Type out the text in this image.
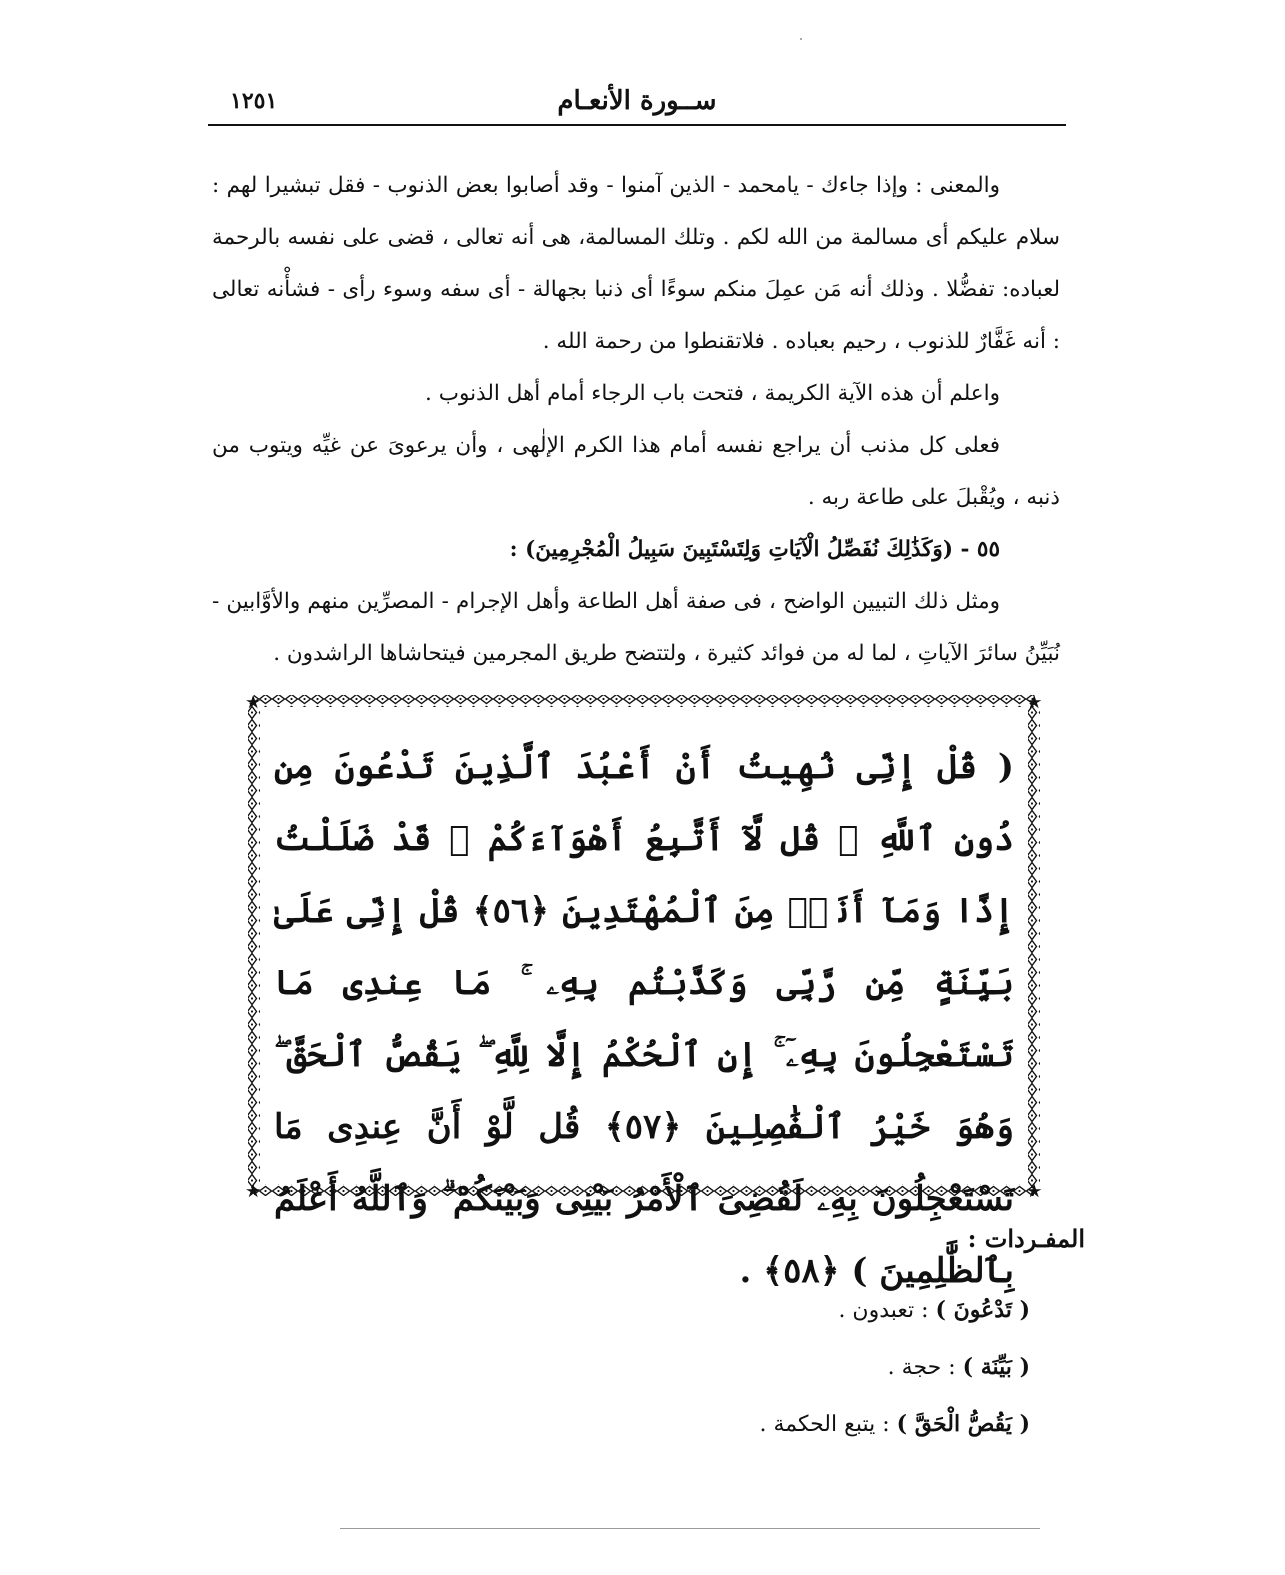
١٢٥١	ســورة الأنعـام

والمعنى : وإذا جاءك - يامحمد - الذين آمنوا - وقد أصابوا بعض الذنوب - فقل تبشيرا لهم : سلام عليكم أى مسالمة من الله لكم . وتلك المسالمة، هى أنه تعالى ، قضى على نفسه بالرحمة لعباده: تفضُّلا . وذلك أنه مَن عمِلَ منكم سوءًا أى ذنبا بجهالة - أى سفه وسوء رأى - فشأْنه تعالى : أنه غَفَّارٌ للذنوب ، رحيم بعباده . فلاتقنطوا من رحمة الله .

واعلم أن هذه الآية الكريمة ، فتحت باب الرجاء أمام أهل الذنوب .

فعلى كل مذنب أن يراجع نفسه أمام هذا الكرم الإلٰهى ، وأن يرعوىَ عن غيِّه ويتوب من ذنبه ، ويُقْبلَ على طاعة ربه .

٥٥ - (وَكَذَٰلِكَ نُفَصِّلُ الْآيَاتِ وَلِتَسْتَبِينَ سَبِيلُ الْمُجْرِمِينَ) :

ومثل ذلك التبيين الواضح ، فى صفة أهل الطاعة وأهل الإجرام - المصرِّين منهم والأوَّابين - نُبَيِّنُ سائرَ الآياتِ ، لما له من فوائد كثيرة ، ولتتضح طريق المجرمين فيتحاشاها الراشدون .

( قُلْ إِنِّى نُهِيتُ أَنْ أَعْبُدَ ٱلَّذِينَ تَدْعُونَ مِن دُونِ ٱللَّهِ ۚ قُل لَّآ أَتَّبِعُ أَهْوَآءَكُمْ ۙ قَدْ ضَلَلْتُ إِذًا وَمَآ أَنَا۠ مِنَ ٱلْمُهْتَدِينَ ﴿٥٦﴾ قُلْ إِنِّى عَلَىٰ بَيِّنَةٍ مِّن رَّبِّى وَكَذَّبْتُم بِهِۦ ۚ مَا عِندِى مَا تَسْتَعْجِلُونَ بِهِۦٓ ۚ إِنِ ٱلْحُكْمُ إِلَّا لِلَّهِ ۖ يَقُصُّ ٱلْحَقَّ ۖ وَهُوَ خَيْرُ ٱلْفَٰصِلِينَ ﴿٥٧﴾ قُل لَّوْ أَنَّ عِندِى مَا تَسْتَعْجِلُونَ بِهِۦ لَقُضِىَ ٱلْأَمْرُ بَيْنِى وَبَيْنَكُمْ ۗ وَٱللَّهُ أَعْلَمُ بِٱلظَّٰلِمِينَ ) ﴿٥٨﴾ .
المفـردات :
( تَدْعُونَ ) : تعبدون .
( بَيِّنَة ) : حجة .
( يَقُصُّ الْحَقَّ ) : يتبع الحكمة .
